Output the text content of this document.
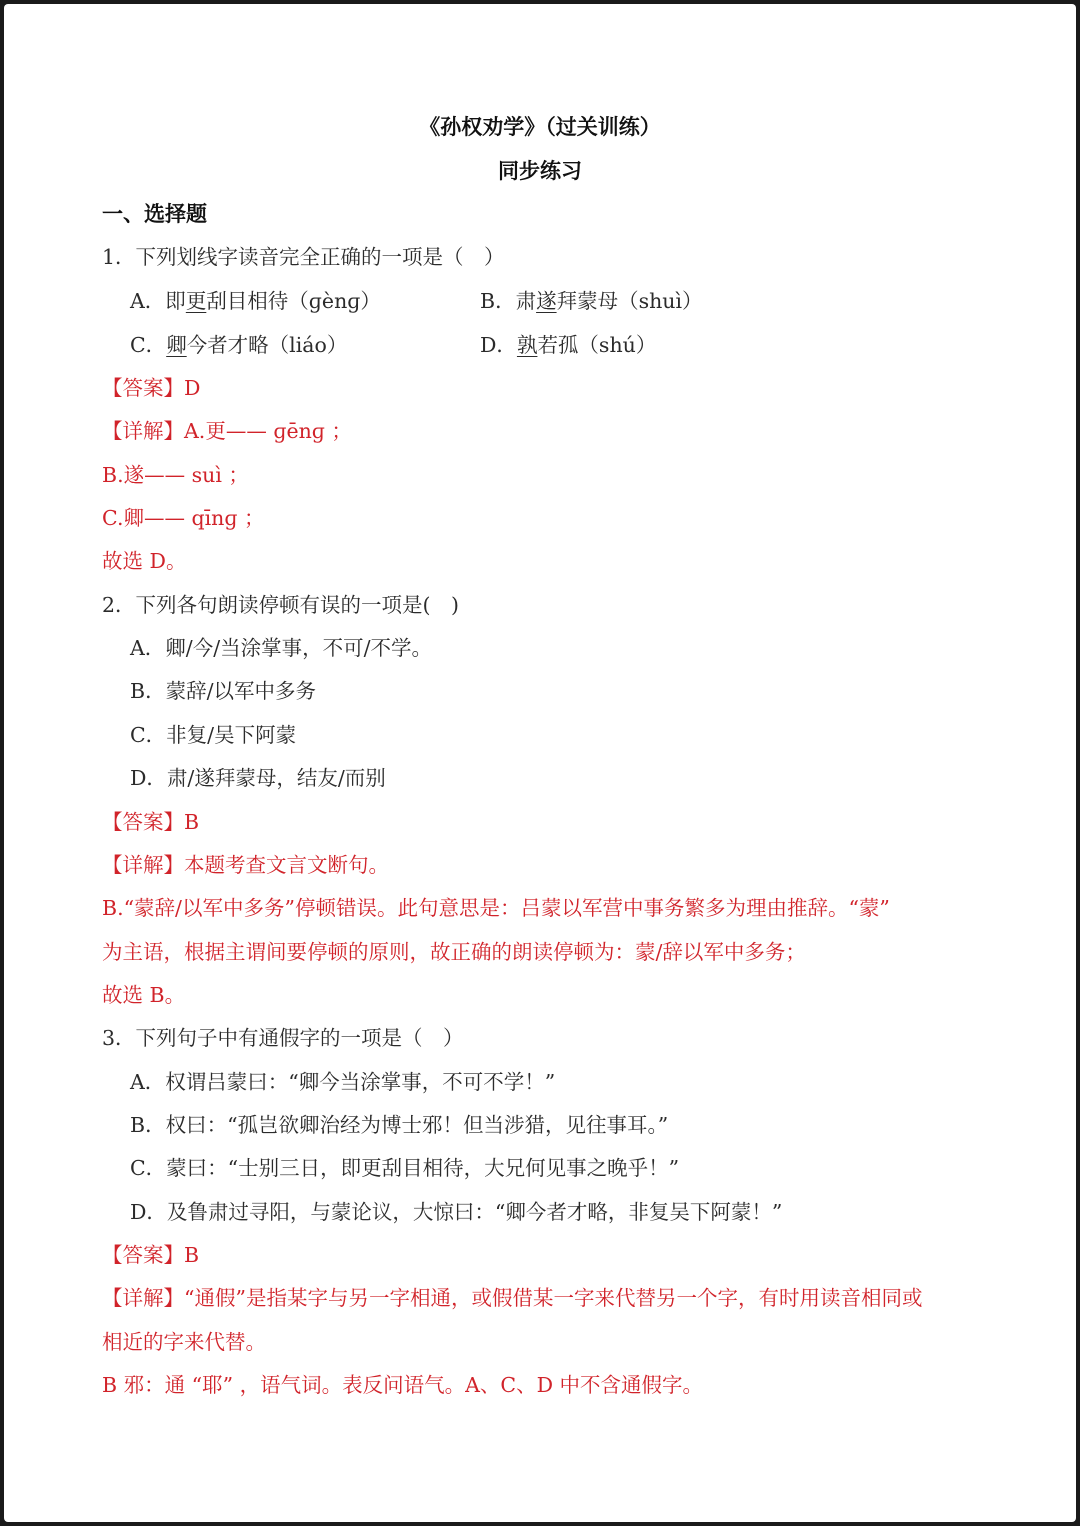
《孙权劝学》（过关训练）
同步练习
一、选择题
1．下列划线字读音完全正确的一项是（　）
A．即更刮目相待（ɡènɡ）	B．肃遂拜蒙母（shuì）
C．卿今者才略（liáo）	D．孰若孤（shú）
【答案】D
【详解】A.更—— ɡēnɡ ；
B.遂—— suì ；
C.卿—— qīnɡ ；
故选 D。
2．下列各句朗读停顿有误的一项是(　)
A．卿/今/当涂掌事，不可/不学。
B．蒙辞/以军中多务
C．非复/吴下阿蒙
D．肃/遂拜蒙母，结友/而别
【答案】B
【详解】本题考查文言文断句。
B.“蒙辞/以军中多务”停顿错误。此句意思是：吕蒙以军营中事务繁多为理由推辞。“蒙”
为主语，根据主谓间要停顿的原则，故正确的朗读停顿为：蒙/辞以军中多务；
故选 B。
3．下列句子中有通假字的一项是（　）
A．权谓吕蒙曰：“卿今当涂掌事，不可不学！”
B．权曰：“孤岂欲卿治经为博士邪！但当涉猎，见往事耳。”
C．蒙曰：“士别三日，即更刮目相待，大兄何见事之晚乎！”
D．及鲁肃过寻阳，与蒙论议，大惊曰：“卿今者才略，非复吴下阿蒙！”
【答案】B
【详解】“通假”是指某字与另一字相通，或假借某一字来代替另一个字，有时用读音相同或
相近的字来代替。
B 邪：通 “耶” ，语气词。表反问语气。A、C、D 中不含通假字。
